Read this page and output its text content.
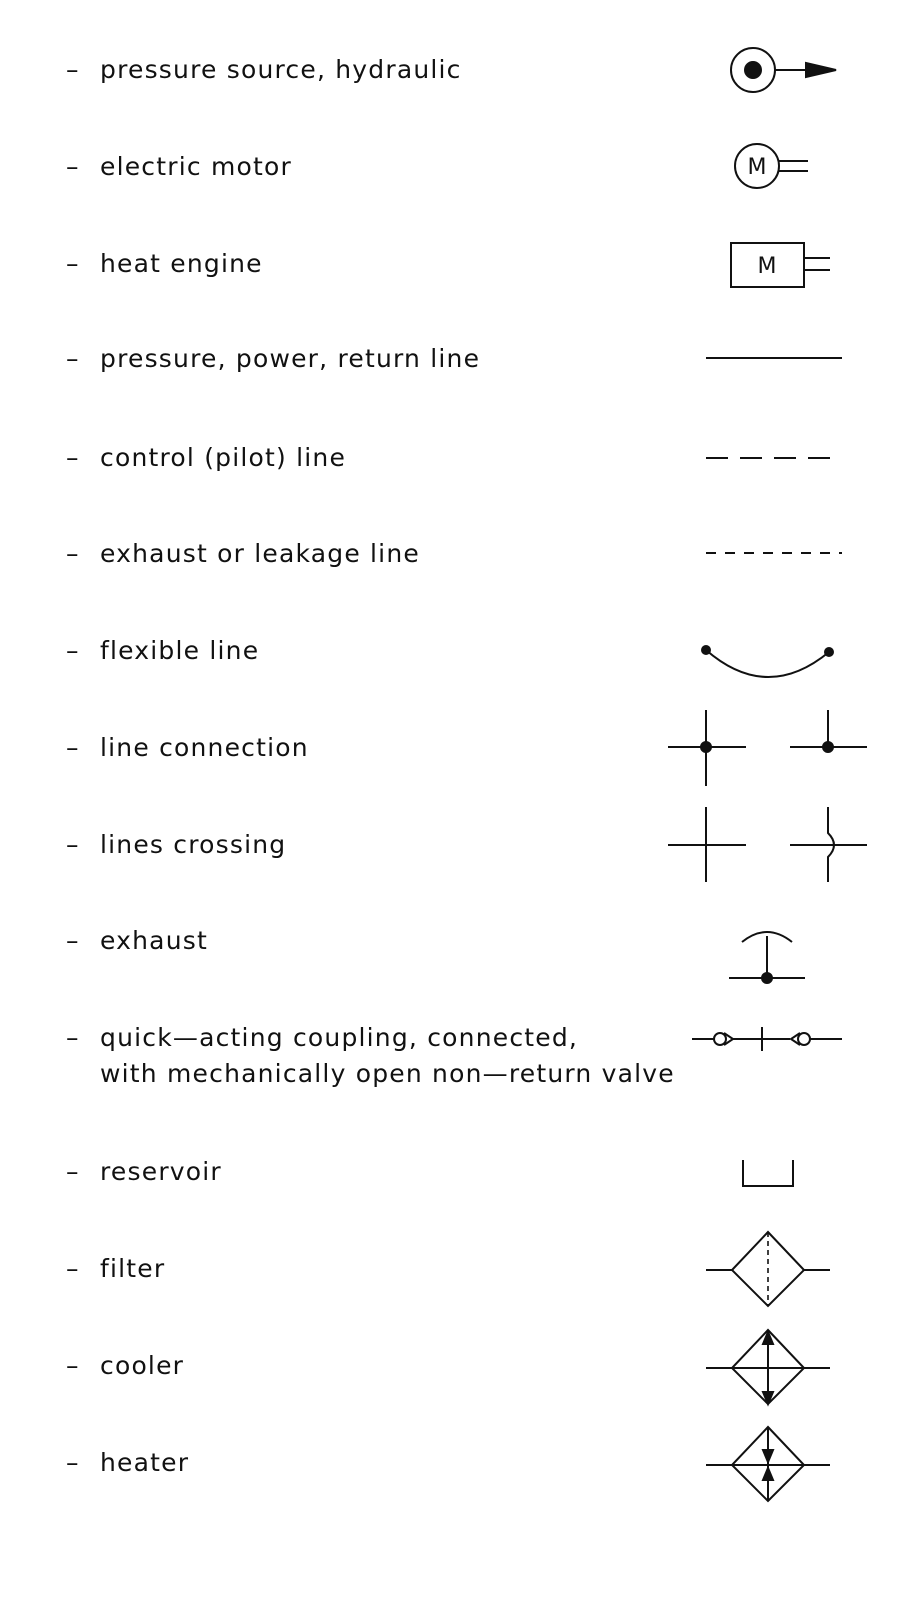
– pressure source, hydraulic

– electric motor

– heat engine

– pressure, power, return line

– control (pilot) line

– exhaust or leakage line

– flexible line

– line connection

– lines crossing

– exhaust

– quick—acting coupling, connected,
with mechanically open non—return valve

– reservoir

– filter

– cooler

– heater

M
M
